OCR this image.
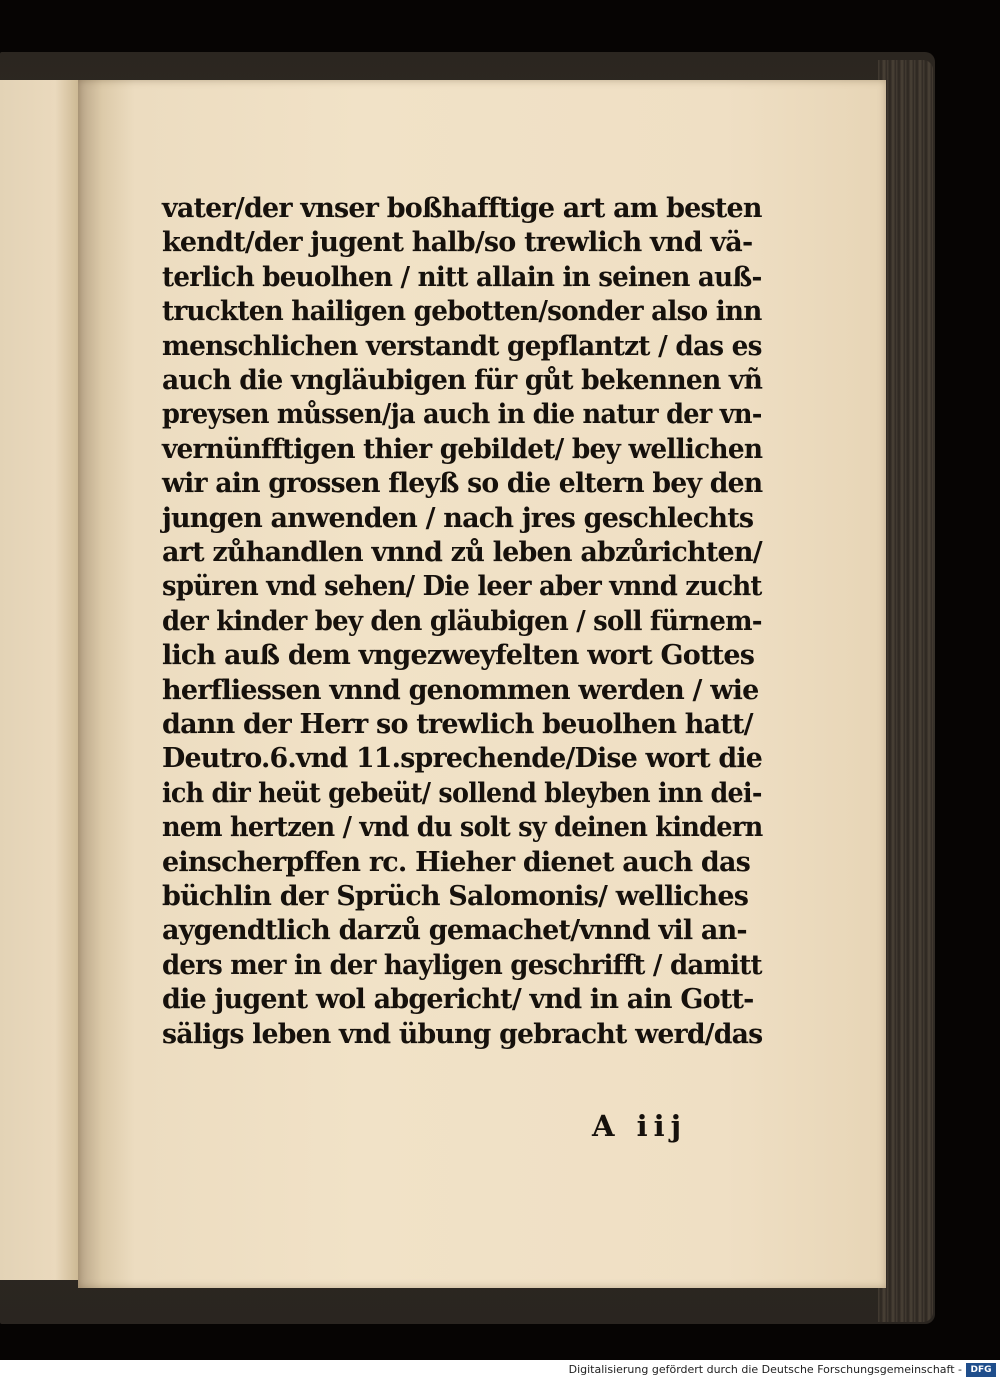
vater/der vnser boßhafftige art am besten
kendt/der jugent halb/so trewlich vnd vä-
terlich beuolhen / nitt allain in seinen auß- truckten hailigen gebotten/sonder also inn menschlichen verstandt gepflantzt / das es auch die vngläubigen für gůt bekennen vñ preysen můssen/ja auch in die natur der vn- vernünfftigen thier gebildet/ bey wellichen wir ain grossen fleyß so die eltern bey den
jungen anwenden / nach jres geschlechts
art zůhandlen vnnd zů leben abzůrichten/
spüren vnd sehen/ Die leer aber vnnd zucht der kinder bey den gläubigen / soll fürnem-
lich auß dem vngezweyfelten wort Gottes
herfliessen vnnd genommen werden / wie
dann der Herr so trewlich beuolhen hatt/
Deutro.6.vnd 11.sprechende/Dise wort die ich dir heüt gebeüt/ sollend bleyben inn dei- nem hertzen / vnd du solt sy deinen kindern
einscherpffen rc. Hieher dienet auch das
büchlin der Sprüch Salomonis/ welliches
aygendtlich darzů gemachet/vnnd vil an-
ders mer in der hayligen geschrifft / damitt
die jugent wol abgericht/ vnd in ain Gott-
säligs leben vnd übung gebracht werd/das
A iij
Digitalisierung gefördert durch die Deutsche Forschungsgemeinschaft - DFG
